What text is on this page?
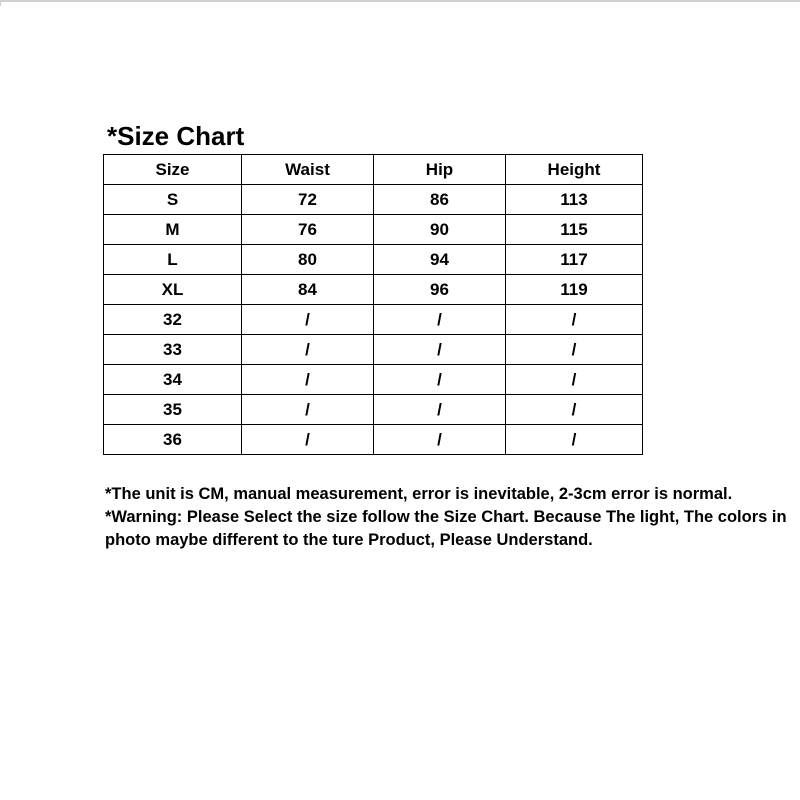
*Size Chart
Size	Waist	Hip	Height
S	72	86	113
M	76	90	115
L	80	94	117
XL	84	96	119
32	/	/	/
33	/	/	/
34	/	/	/
35	/	/	/
36	/	/	/

*The unit is CM, manual measurement, error is inevitable, 2-3cm error is normal.

*Warning: Please Select the size follow the Size Chart. Because The light, The colors in photo maybe different to the ture Product, Please Understand.
